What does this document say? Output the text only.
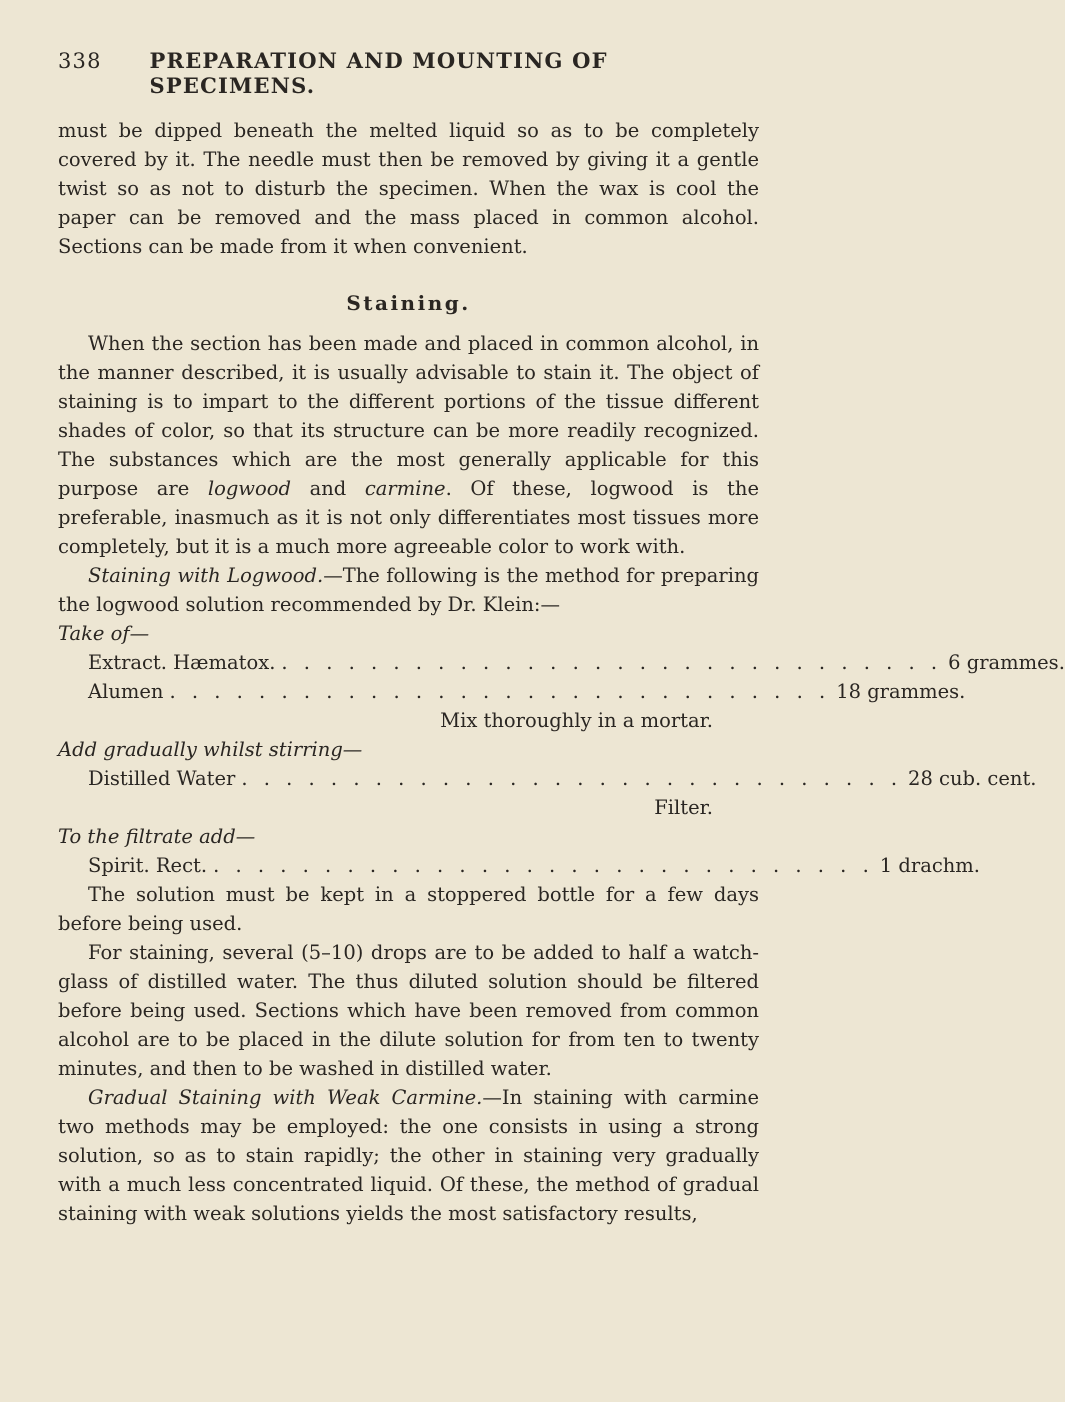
338	PREPARATION AND MOUNTING OF SPECIMENS.

must be dipped beneath the melted liquid so as to be completely covered by it. The needle must then be removed by giving it a gentle twist so as not to disturb the specimen. When the wax is cool the paper can be removed and the mass placed in common alcohol. Sections can be made from it when convenient.

Staining.

When the section has been made and placed in common alcohol, in the manner described, it is usually advisable to stain it. The object of staining is to impart to the different portions of the tissue different shades of color, so that its structure can be more readily recognized. The substances which are the most generally applicable for this purpose are logwood and carmine. Of these, logwood is the preferable, inasmuch as it is not only differentiates most tissues more completely, but it is a much more agreeable color to work with.

Staining with Logwood.—The following is the method for preparing the logwood solution recommended by Dr. Klein:—

Take of—
Extract. Hæmatox. . . . . . . . . . . . . . . . . . . . . . . . . . . . . . . 6 grammes.
Alumen . . . . . . . . . . . . . . . . . . . . . . . . . . . . . . 18 grammes.
Mix thoroughly in a mortar.
Add gradually whilst stirring—
Distilled Water . . . . . . . . . . . . . . . . . . . . . . . . . . . . . . 28 cub. cent.
Filter.
To the filtrate add—
Spirit. Rect. . . . . . . . . . . . . . . . . . . . . . . . . . . . . . . 1 drachm.

The solution must be kept in a stoppered bottle for a few days before being used.

For staining, several (5–10) drops are to be added to half a watch-glass of distilled water. The thus diluted solution should be filtered before being used. Sections which have been removed from common alcohol are to be placed in the dilute solution for from ten to twenty minutes, and then to be washed in distilled water.

Gradual Staining with Weak Carmine.—In staining with carmine two methods may be employed: the one consists in using a strong solution, so as to stain rapidly; the other in staining very gradually with a much less concentrated liquid. Of these, the method of gradual staining with weak solutions yields the most satisfactory results,
